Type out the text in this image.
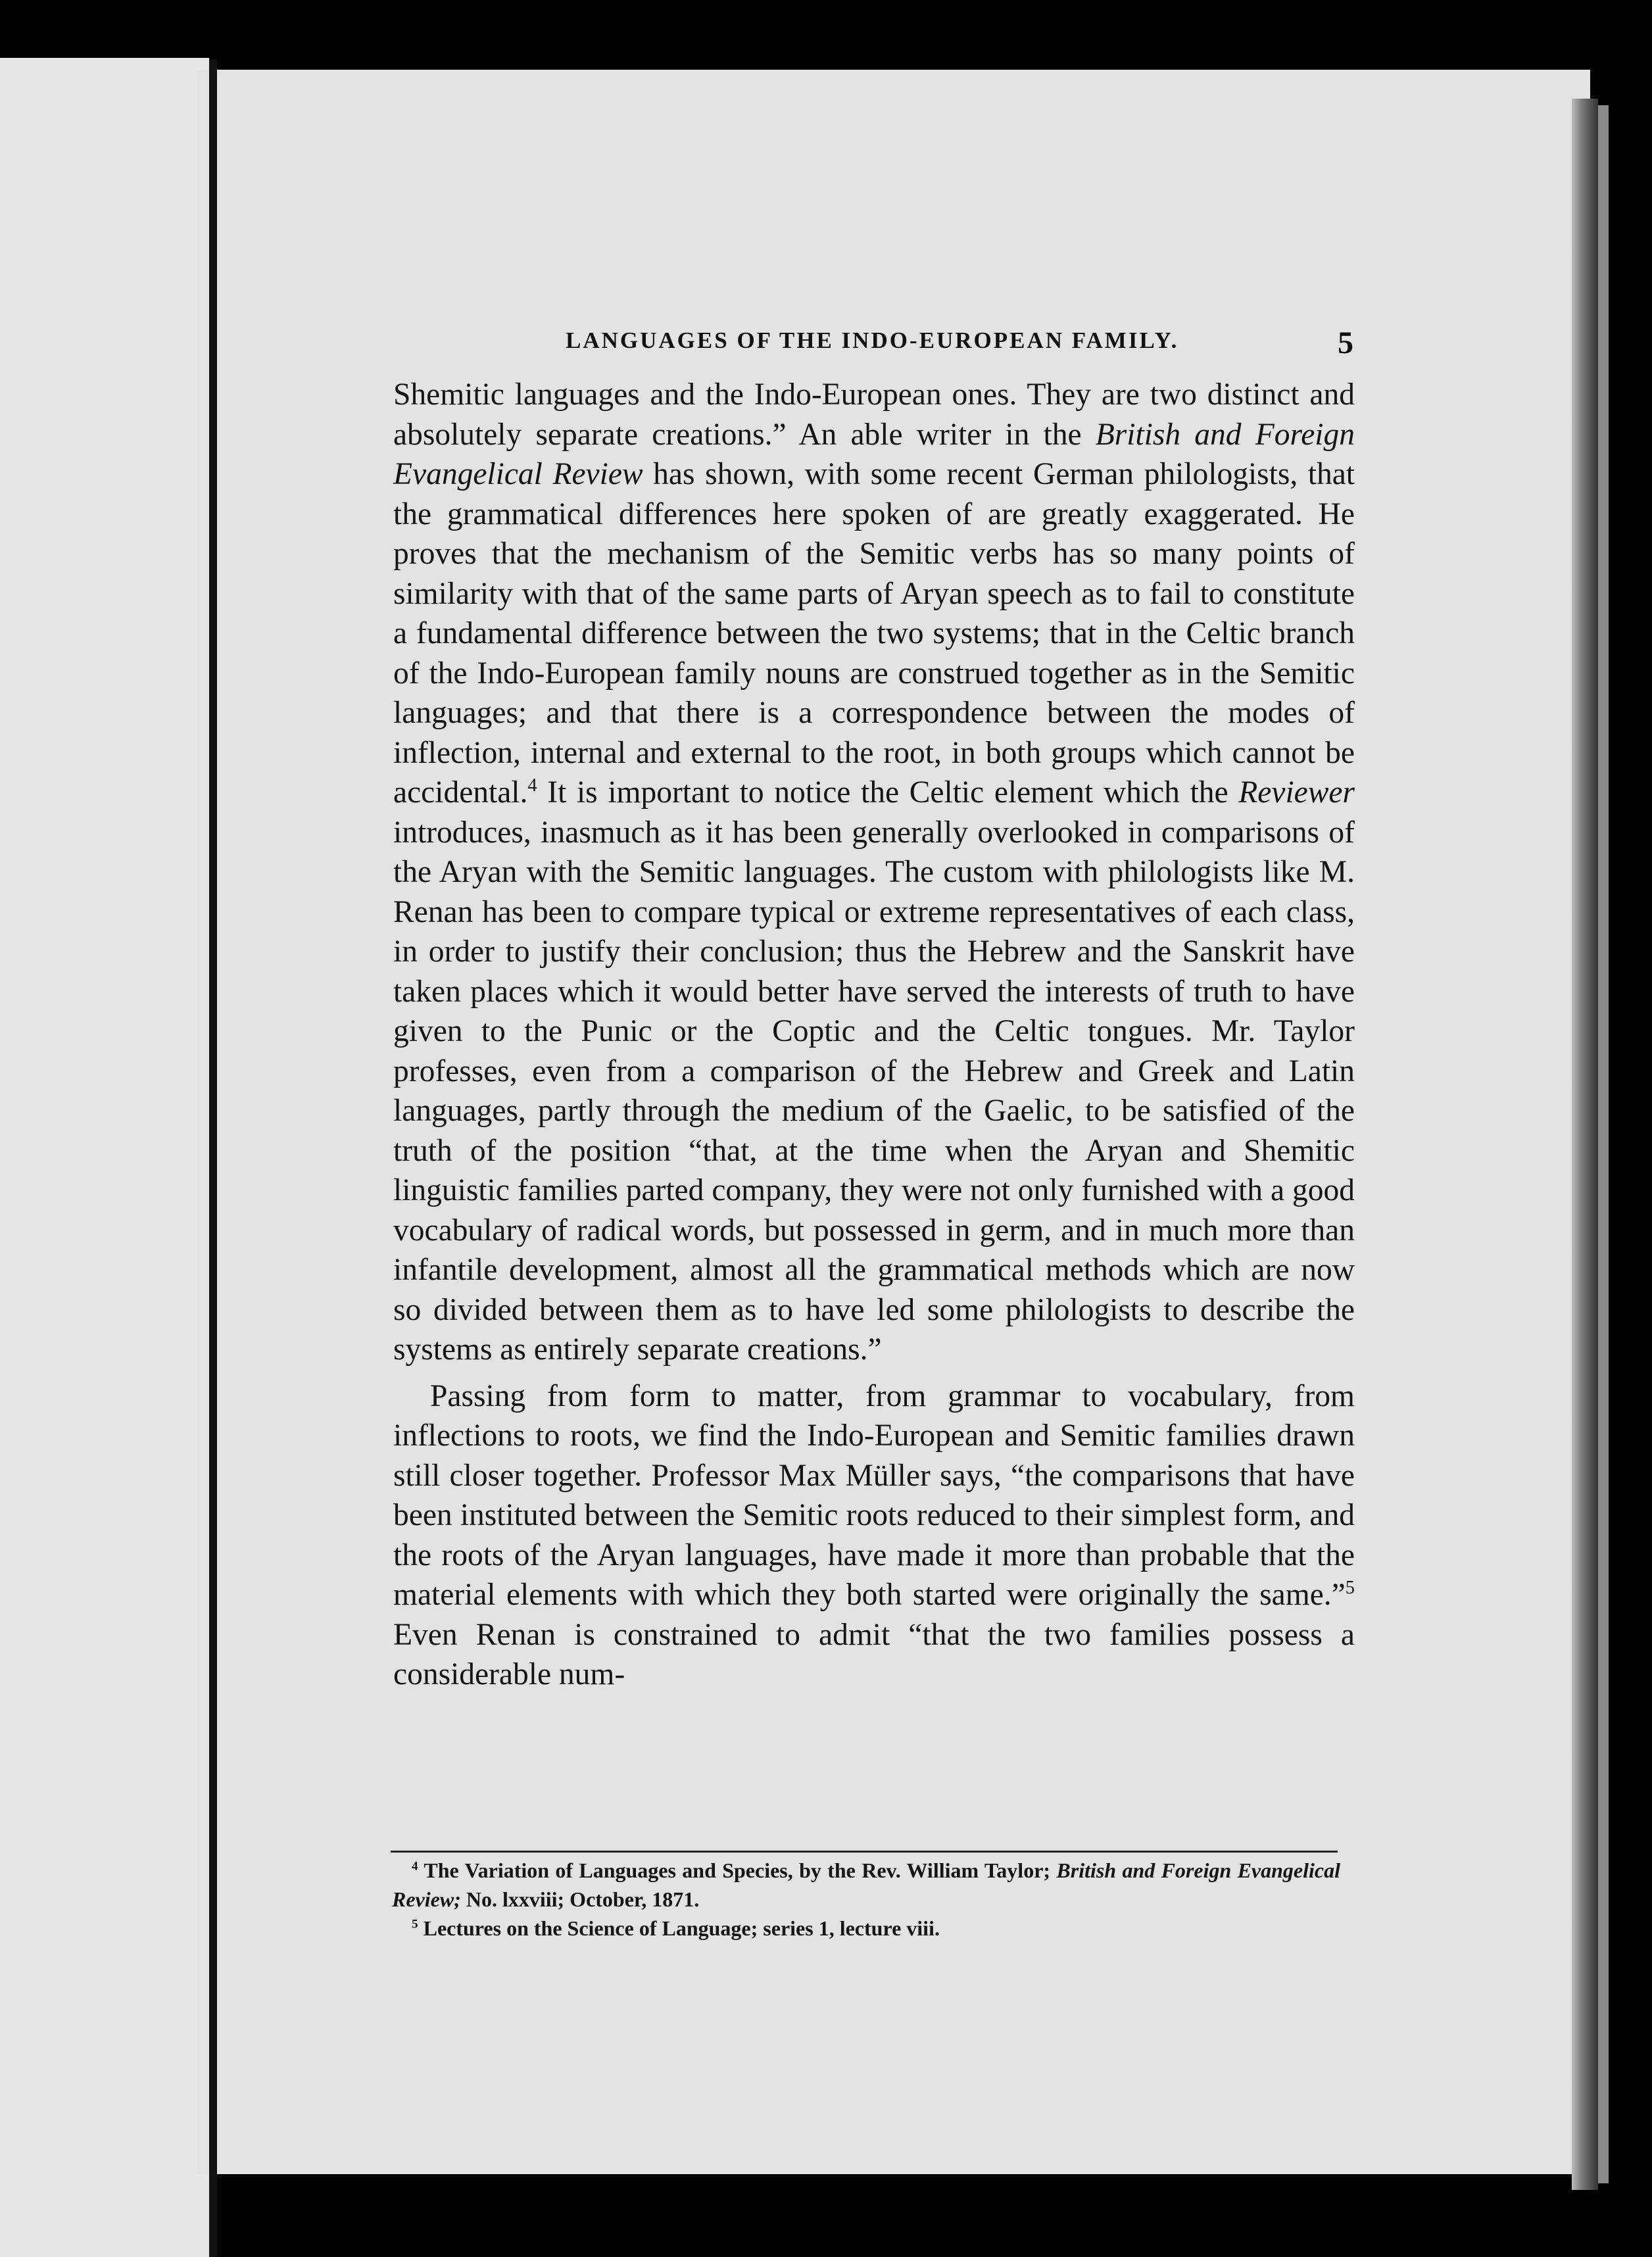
LANGUAGES OF THE INDO-EUROPEAN FAMILY.	5

Shemitic languages and the Indo-European ones. They are two distinct and absolutely separate creations.” An able writer in the British and Foreign Evangelical Review has shown, with some recent German philologists, that the grammatical differences here spoken of are greatly exaggerated. He proves that the mechanism of the Semitic verbs has so many points of similarity with that of the same parts of Aryan speech as to fail to constitute a fundamental difference between the two systems; that in the Celtic branch of the Indo-European family nouns are construed together as in the Semitic languages; and that there is a correspondence between the modes of inflection, internal and external to the root, in both groups which cannot be accidental.$^4$ It is important to notice the Celtic element which the Reviewer introduces, inasmuch as it has been generally overlooked in comparisons of the Aryan with the Semitic languages. The custom with philologists like M. Renan has been to compare typical or extreme representatives of each class, in order to justify their conclusion; thus the Hebrew and the Sanskrit have taken places which it would better have served the interests of truth to have given to the Punic or the Coptic and the Celtic tongues. Mr. Taylor professes, even from a comparison of the Hebrew and Greek and Latin languages, partly through the medium of the Gaelic, to be satisfied of the truth of the position “that, at the time when the Aryan and Shemitic linguistic families parted company, they were not only furnished with a good vocabulary of radical words, but possessed in germ, and in much more than infantile development, almost all the grammatical methods which are now so divided between them as to have led some philologists to describe the systems as entirely separate creations.”

Passing from form to matter, from grammar to vocabulary, from inflections to roots, we find the Indo-European and Semitic families drawn still closer together. Professor Max Müller says, “the comparisons that have been instituted between the Semitic roots reduced to their simplest form, and the roots of the Aryan languages, have made it more than probable that the material elements with which they both started were originally the same.”$^5$ Even Renan is constrained to admit “that the two families possess a considerable num-

$^4$ The Variation of Languages and Species, by the Rev. William Taylor; British and Foreign Evangelical Review; No. lxxviii; October, 1871.

$^5$ Lectures on the Science of Language; series 1, lecture viii.
